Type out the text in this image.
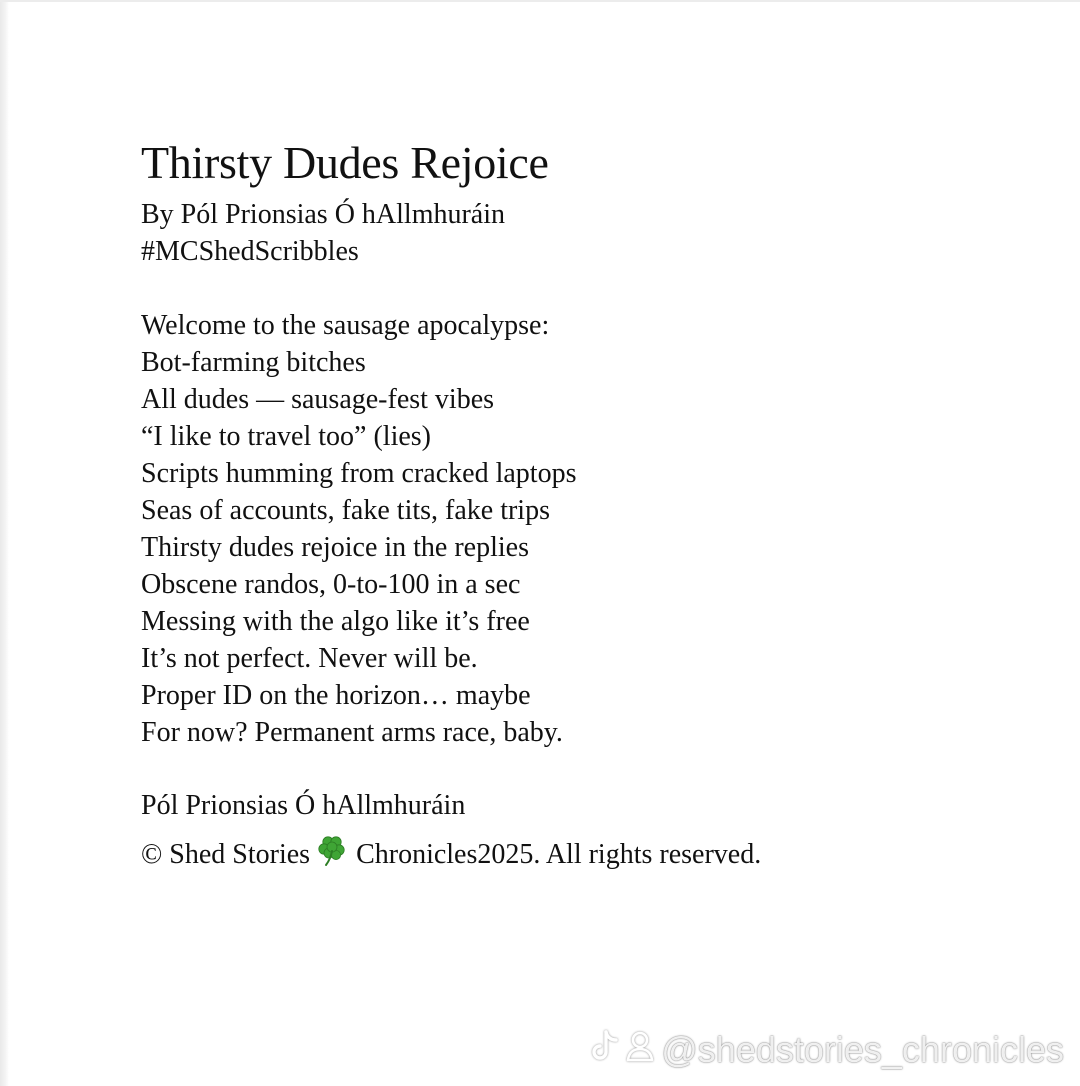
Thirsty Dudes Rejoice
By Pól Prionsias Ó hAllmhuráin
#MCShedScribbles
Welcome to the sausage apocalypse:
Bot-farming bitches
All dudes — sausage-fest vibes
“I like to travel too” (lies)
Scripts humming from cracked laptops
Seas of accounts, fake tits, fake trips
Thirsty dudes rejoice in the replies
Obscene randos, 0-to-100 in a sec
Messing with the algo like it’s free
It’s not perfect. Never will be.
Proper ID on the horizon… maybe
For now? Permanent arms race, baby.
Pól Prionsias Ó hAllmhuráin
© Shed Stories Chronicles2025. All rights reserved.
@shedstories_chronicles
